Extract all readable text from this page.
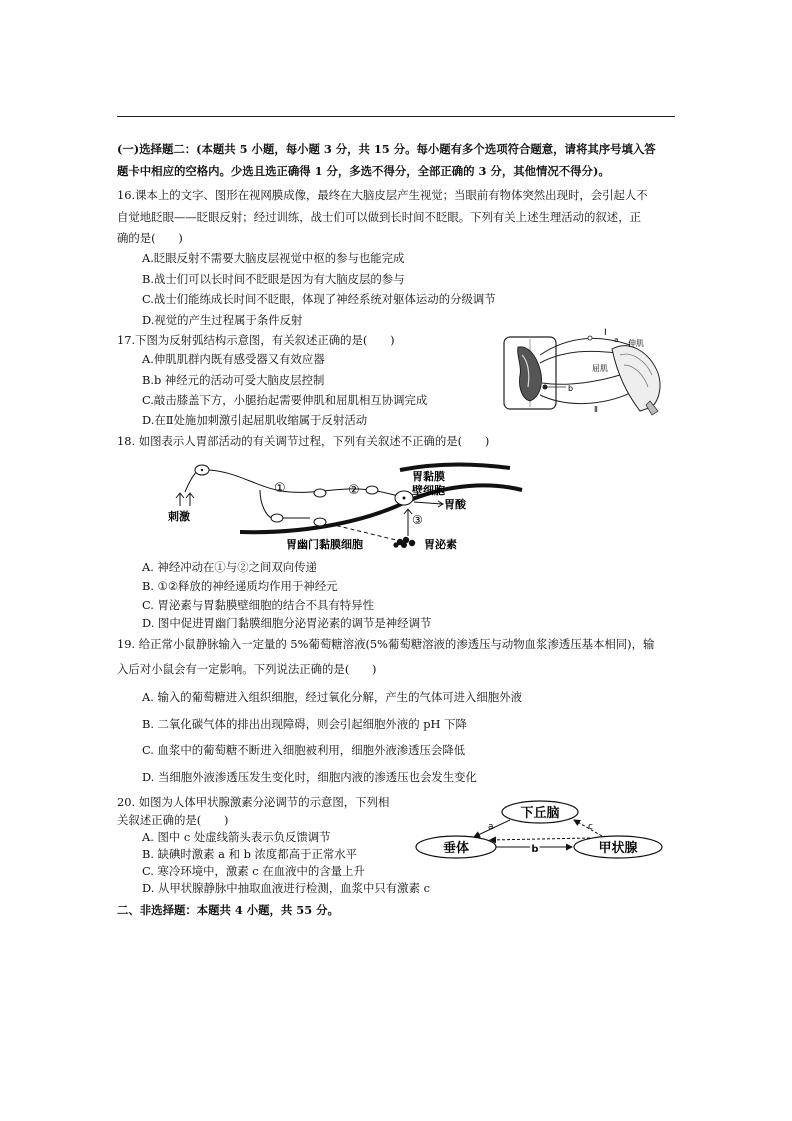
(一)选择题二：(本题共 5 小题，每小题 3 分，共 15 分。每小题有多个选项符合题意，请将其序号填入答
题卡中相应的空格内。少选且选正确得 1 分，多选不得分，全部正确的 3 分，其他情况不得分)。
16.课本上的文字、图形在视网膜成像，最终在大脑皮层产生视觉；当眼前有物体突然出现时，会引起人不
自觉地眨眼——眨眼反射；经过训练，战士们可以做到长时间不眨眼。下列有关上述生理活动的叙述，正
确的是(　　)
A.眨眼反射不需要大脑皮层视觉中枢的参与也能完成
B.战士们可以长时间不眨眼是因为有大脑皮层的参与
C.战士们能练成长时间不眨眼，体现了神经系统对躯体运动的分级调节
D.视觉的产生过程属于条件反射
17.下图为反射弧结构示意图，有关叙述正确的是(　　)
A.伸肌肌群内既有感受器又有效应器
B.b 神经元的活动可受大脑皮层控制
C.敲击膝盖下方，小腿抬起需要伸肌和屈肌相互协调完成
D.在Ⅱ处施加刺激引起屈肌收缩属于反射活动
Ⅰ
a
b
伸肌
屈肌
Ⅱ
18. 如图表示人胃部活动的有关调节过程，下列有关叙述不正确的是(　　)
刺激
①	②
胃黏膜
壁细胞
胃酸
③
胃泌素
胃幽门黏膜细胞
A. 神经冲动在①与②之间双向传递
B. ①②释放的神经递质均作用于神经元
C. 胃泌素与胃黏膜壁细胞的结合不具有特异性
D. 图中促进胃幽门黏膜细胞分泌胃泌素的调节是神经调节
19. 给正常小鼠静脉输入一定量的 5%葡萄糖溶液(5%葡萄糖溶液的渗透压与动物血浆渗透压基本相同)，输
入后对小鼠会有一定影响。下列说法正确的是(　　)
A. 输入的葡萄糖进入组织细胞，经过氧化分解，产生的气体可进入细胞外液
B. 二氧化碳气体的排出出现障碍，则会引起细胞外液的 pH 下降
C. 血浆中的葡萄糖不断进入细胞被利用，细胞外液渗透压会降低
D. 当细胞外液渗透压发生变化时，细胞内液的渗透压也会发生变化
20. 如图为人体甲状腺激素分泌调节的示意图，下列相
关叙述正确的是(　　)
A. 图中 c 处虚线箭头表示负反馈调节
B. 缺碘时激素 a 和 b 浓度都高于正常水平
C. 寒冷环境中，激素 c 在血液中的含量上升
D. 从甲状腺静脉中抽取血液进行检测，血浆中只有激素 c
下丘脑
垂体	甲状腺
a
b
c
二、非选择题：本题共 4 小题，共 55 分。
